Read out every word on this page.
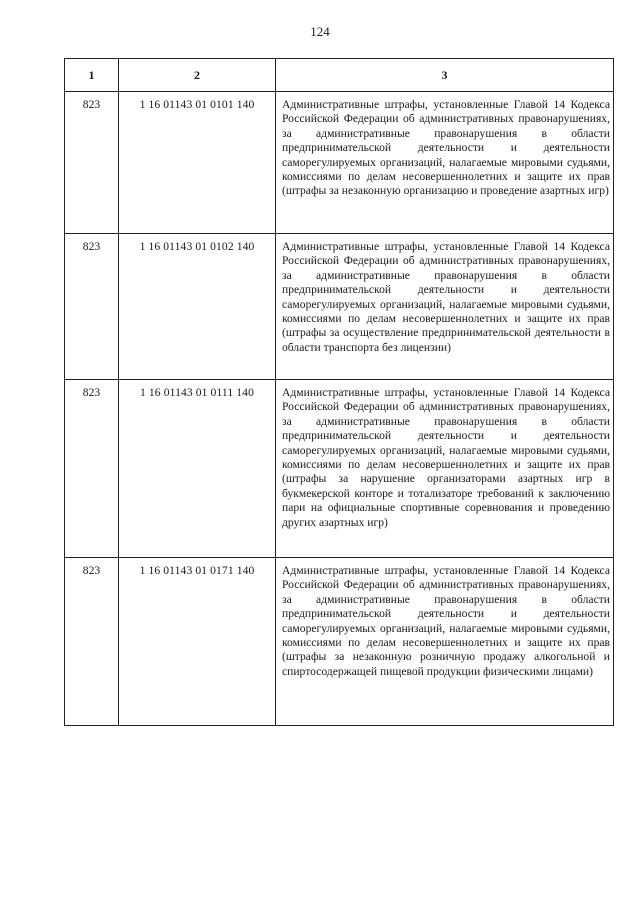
124
1	2	3
823	1 16 01143 01 0101 140	Административные штрафы, установленные Главой 14 Кодекса Российской Федерации об административных правонарушениях, за административные правонарушения в области предпринимательской деятельности и деятельности саморегулируемых организаций, налагаемые мировыми судьями, комиссиями по делам несовершеннолетних и защите их прав (штрафы за незаконную организацию и проведение азартных игр)
823	1 16 01143 01 0102 140	Административные штрафы, установленные Главой 14 Кодекса Российской Федерации об административных правонарушениях, за административные правонарушения в области предпринимательской деятельности и деятельности саморегулируемых организаций, налагаемые мировыми судьями, комиссиями по делам несовершеннолетних и защите их прав (штрафы за осуществление предпринимательской деятельности в области транспорта без лицензии)
823	1 16 01143 01 0111 140	Административные штрафы, установленные Главой 14 Кодекса Российской Федерации об административных правонарушениях, за административные правонарушения в области предпринимательской деятельности и деятельности саморегулируемых организаций, налагаемые мировыми судьями, комиссиями по делам несовершеннолетних и защите их прав (штрафы за нарушение организаторами азартных игр в букмекерской конторе и тотализаторе требований к заключению пари на официальные спортивные соревнования и проведению других азартных игр)
823	1 16 01143 01 0171 140	Административные штрафы, установленные Главой 14 Кодекса Российской Федерации об административных правонарушениях, за административные правонарушения в области предпринимательской деятельности и деятельности саморегулируемых организаций, налагаемые мировыми судьями, комиссиями по делам несовершеннолетних и защите их прав (штрафы за незаконную розничную продажу алкогольной и спиртосодержащей пищевой продукции физическими лицами)
